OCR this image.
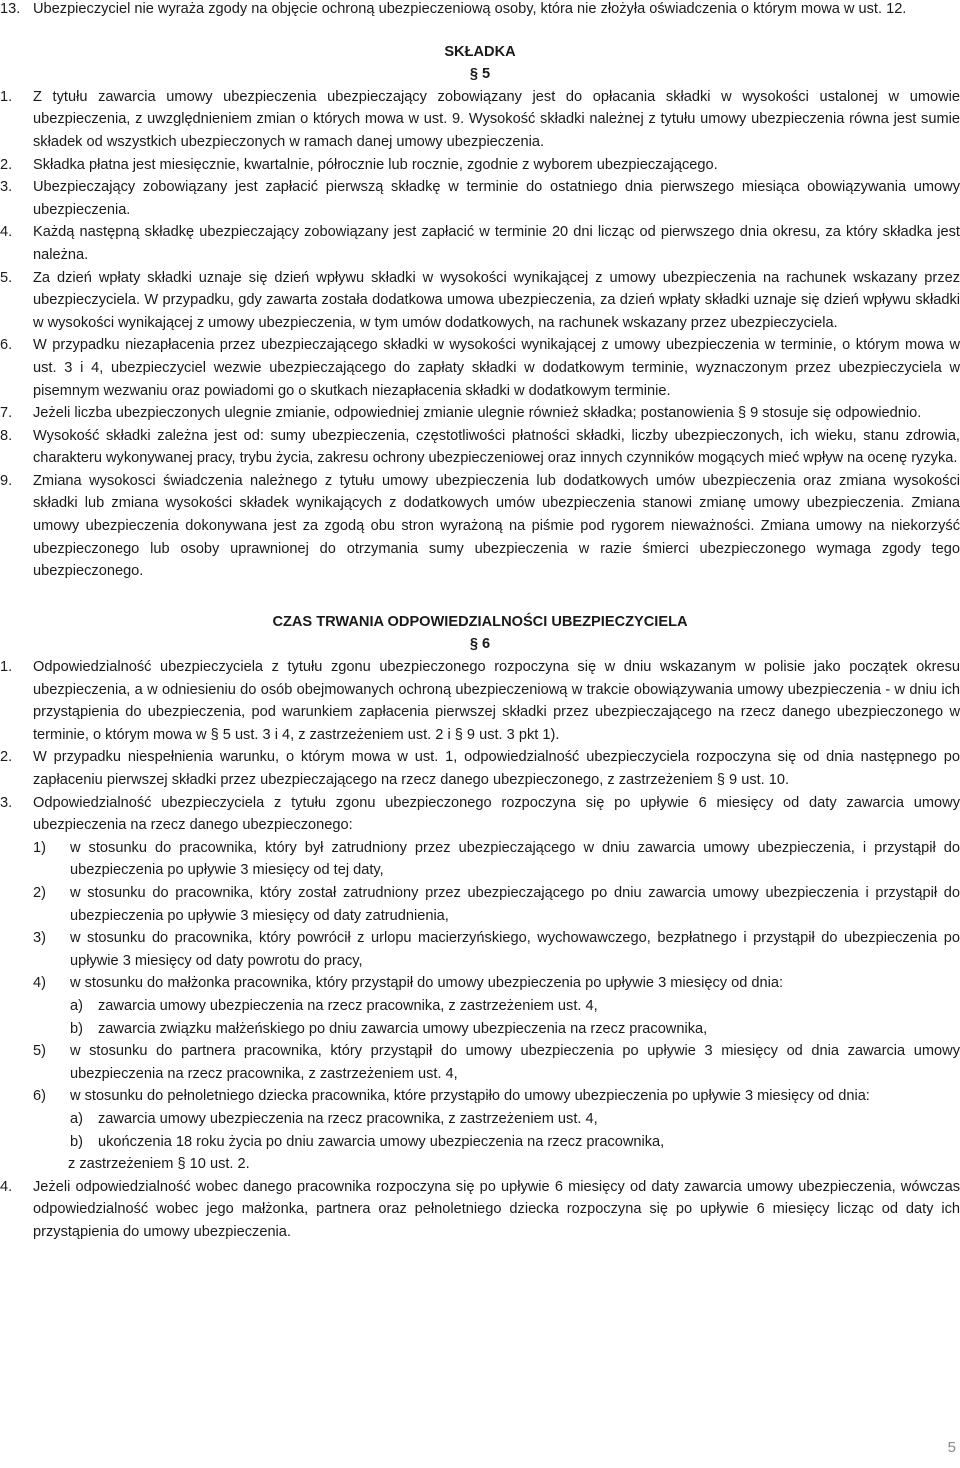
13. Ubezpieczyciel nie wyraża zgody na objęcie ochroną ubezpieczeniową osoby, która nie złożyła oświadczenia o którym mowa w ust. 12.
SKŁADKA
§ 5
1. Z tytułu zawarcia umowy ubezpieczenia ubezpieczający zobowiązany jest do opłacania składki w wysokości ustalonej w umowie ubezpieczenia, z uwzględnieniem zmian o których mowa w ust. 9. Wysokość składki należnej z tytułu umowy ubezpieczenia równa jest sumie składek od wszystkich ubezpieczonych w ramach danej umowy ubezpieczenia.
2. Składka płatna jest miesięcznie, kwartalnie, półrocznie lub rocznie, zgodnie z wyborem ubezpieczającego.
3. Ubezpieczający zobowiązany jest zapłacić pierwszą składkę w terminie do ostatniego dnia pierwszego miesiąca obowiązywania umowy ubezpieczenia.
4. Każdą następną składkę ubezpieczający zobowiązany jest zapłacić w terminie 20 dni licząc od pierwszego dnia okresu, za który składka jest należna.
5. Za dzień wpłaty składki uznaje się dzień wpływu składki w wysokości wynikającej z umowy ubezpieczenia na rachunek wskazany przez ubezpieczyciela. W przypadku, gdy zawarta została dodatkowa umowa ubezpieczenia, za dzień wpłaty składki uznaje się dzień wpływu składki w wysokości wynikającej z umowy ubezpieczenia, w tym umów dodatkowych, na rachunek wskazany przez ubezpieczyciela.
6. W przypadku niezapłacenia przez ubezpieczającego składki w wysokości wynikającej z umowy ubezpieczenia w terminie, o którym mowa w ust. 3 i 4, ubezpieczyciel wezwie ubezpieczającego do zapłaty składki w dodatkowym terminie, wyznaczonym przez ubezpieczyciela w pisemnym wezwaniu oraz powiadomi go o skutkach niezapłacenia składki w dodatkowym terminie.
7. Jeżeli liczba ubezpieczonych ulegnie zmianie, odpowiedniej zmianie ulegnie również składka; postanowienia § 9 stosuje się odpowiednio.
8. Wysokość składki zależna jest od: sumy ubezpieczenia, częstotliwości płatności składki, liczby ubezpieczonych, ich wieku, stanu zdrowia, charakteru wykonywanej pracy, trybu życia, zakresu ochrony ubezpieczeniowej oraz innych czynników mogących mieć wpływ na ocenę ryzyka.
9. Zmiana wysokosci świadczenia należnego z tytułu umowy ubezpieczenia lub dodatkowych umów ubezpieczenia oraz zmiana wysokości składki lub zmiana wysokości składek wynikających z dodatkowych umów ubezpieczenia stanowi zmianę umowy ubezpieczenia. Zmiana umowy ubezpieczenia dokonywana jest za zgodą obu stron wyrażoną na piśmie pod rygorem nieważności. Zmiana umowy na niekorzyść ubezpieczonego lub osoby uprawnionej do otrzymania sumy ubezpieczenia w razie śmierci ubezpieczonego wymaga zgody tego ubezpieczonego.
CZAS TRWANIA ODPOWIEDZIALNOŚCI UBEZPIECZYCIELA
§ 6
1. Odpowiedzialność ubezpieczyciela z tytułu zgonu ubezpieczonego rozpoczyna się w dniu wskazanym w polisie jako początek okresu ubezpieczenia, a w odniesieniu do osób obejmowanych ochroną ubezpieczeniową w trakcie obowiązywania umowy ubezpieczenia - w dniu ich przystąpienia do ubezpieczenia, pod warunkiem zapłacenia pierwszej składki przez ubezpieczającego na rzecz danego ubezpieczonego w terminie, o którym mowa w § 5 ust. 3 i 4, z zastrzeżeniem ust. 2 i § 9 ust. 3 pkt 1).
2. W przypadku niespełnienia warunku, o którym mowa w ust. 1, odpowiedzialność ubezpieczyciela rozpoczyna się od dnia następnego po zapłaceniu pierwszej składki przez ubezpieczającego na rzecz danego ubezpieczonego, z zastrzeżeniem § 9 ust. 10.
3. Odpowiedzialność ubezpieczyciela z tytułu zgonu ubezpieczonego rozpoczyna się po upływie 6 miesięcy od daty zawarcia umowy ubezpieczenia na rzecz danego ubezpieczonego:
1) w stosunku do pracownika, który był zatrudniony przez ubezpieczającego w dniu zawarcia umowy ubezpieczenia, i przystąpił do ubezpieczenia po upływie 3 miesięcy od tej daty,
2) w stosunku do pracownika, który został zatrudniony przez ubezpieczającego po dniu zawarcia umowy ubezpieczenia i przystąpił do ubezpieczenia po upływie 3 miesięcy od daty zatrudnienia,
3) w stosunku do pracownika, który powrócił z urlopu macierzyńskiego, wychowawczego, bezpłatnego i przystąpił do ubezpieczenia po upływie 3 miesięcy od daty powrotu do pracy,
4) w stosunku do małżonka pracownika, który przystąpił do umowy ubezpieczenia po upływie 3 miesięcy od dnia:
a)	zawarcia umowy ubezpieczenia na rzecz pracownika, z zastrzeżeniem ust. 4,
b)	zawarcia związku małżeńskiego po dniu zawarcia umowy ubezpieczenia na rzecz pracownika,
5) w stosunku do partnera pracownika, który przystąpił do umowy ubezpieczenia po upływie 3 miesięcy od dnia zawarcia umowy ubezpieczenia na rzecz pracownika, z zastrzeżeniem ust. 4,
6) w stosunku do pełnoletniego dziecka pracownika, które przystąpiło do umowy ubezpieczenia po upływie 3 miesięcy od dnia:
a)	zawarcia umowy ubezpieczenia na rzecz pracownika, z zastrzeżeniem ust. 4,
b)	ukończenia 18 roku życia po dniu zawarcia umowy ubezpieczenia na rzecz pracownika,
z zastrzeżeniem § 10 ust. 2.
4. Jeżeli odpowiedzialność wobec danego pracownika rozpoczyna się po upływie 6 miesięcy od daty zawarcia umowy ubezpieczenia, wówczas odpowiedzialność wobec jego małżonka, partnera oraz pełnoletniego dziecka rozpoczyna się po upływie 6 miesięcy licząc od daty ich przystąpienia do umowy ubezpieczenia.
5
